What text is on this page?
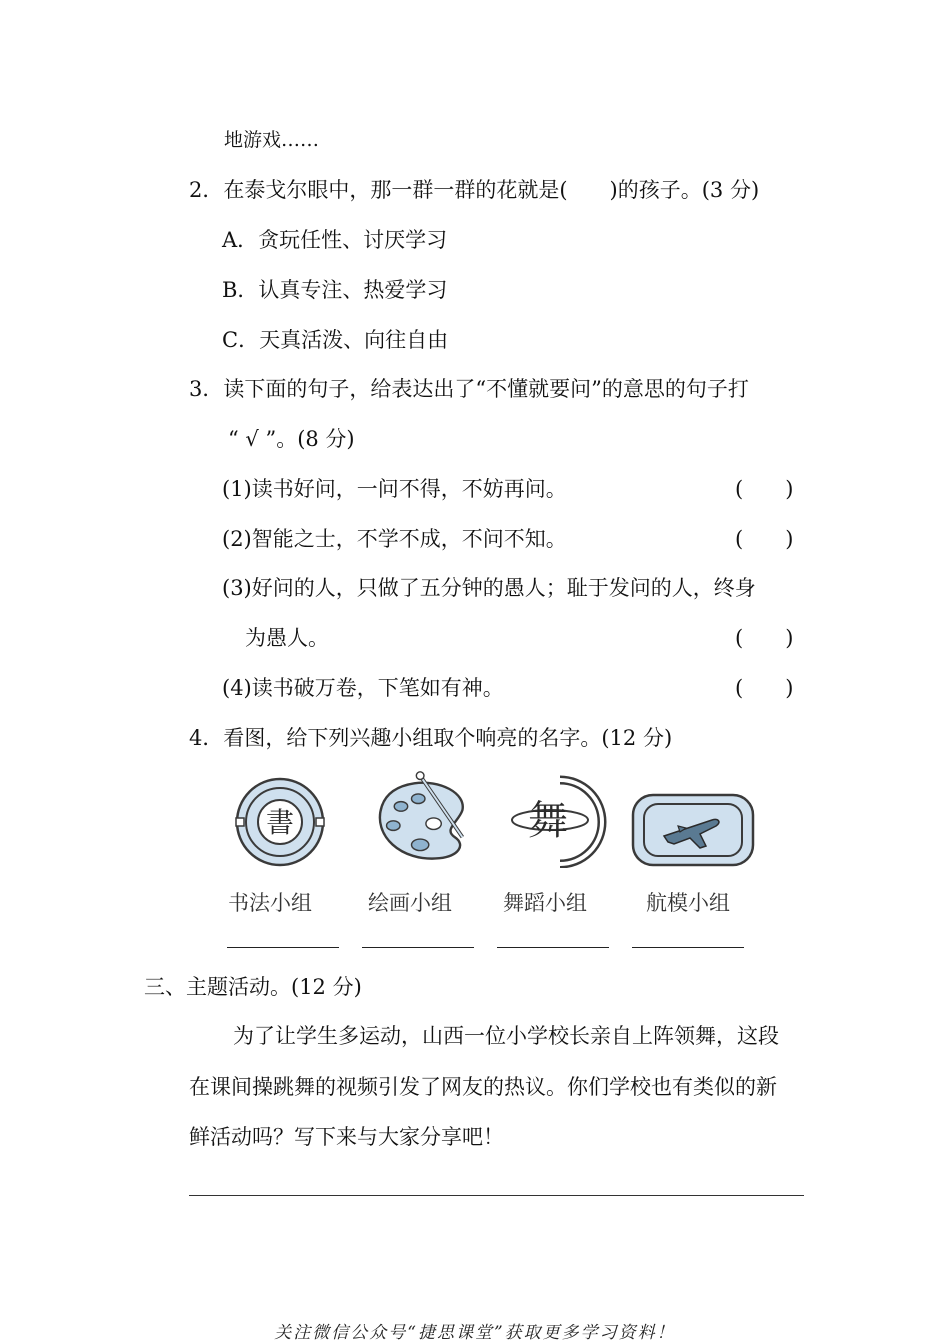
地游戏……
2．在泰戈尔眼中，那一群一群的花就是(　　)的孩子。(3 分)
A．贪玩任性、讨厌学习
B．认真专注、热爱学习
C．天真活泼、向往自由
3．读下面的句子，给表达出了“不懂就要问”的意思的句子打
“ √ ”。(8 分)
(1)读书好问，一问不得，不妨再问。	(　　)
(2)智能之士，不学不成，不问不知。	(　　)
(3)好问的人，只做了五分钟的愚人；耻于发问的人，终身
为愚人。	(　　)
(4)读书破万卷，下笔如有神。	(　　)
4．看图，给下列兴趣小组取个响亮的名字。(12 分)
書	舞
书法小组	绘画小组 舞蹈小组	航模小组
三、主题活动。(12 分)
为了让学生多运动，山西一位小学校长亲自上阵领舞，这段
在课间操跳舞的视频引发了网友的热议。你们学校也有类似的新
鲜活动吗？写下来与大家分享吧！
关注微信公众号“捷思课堂”获取更多学习资料！
